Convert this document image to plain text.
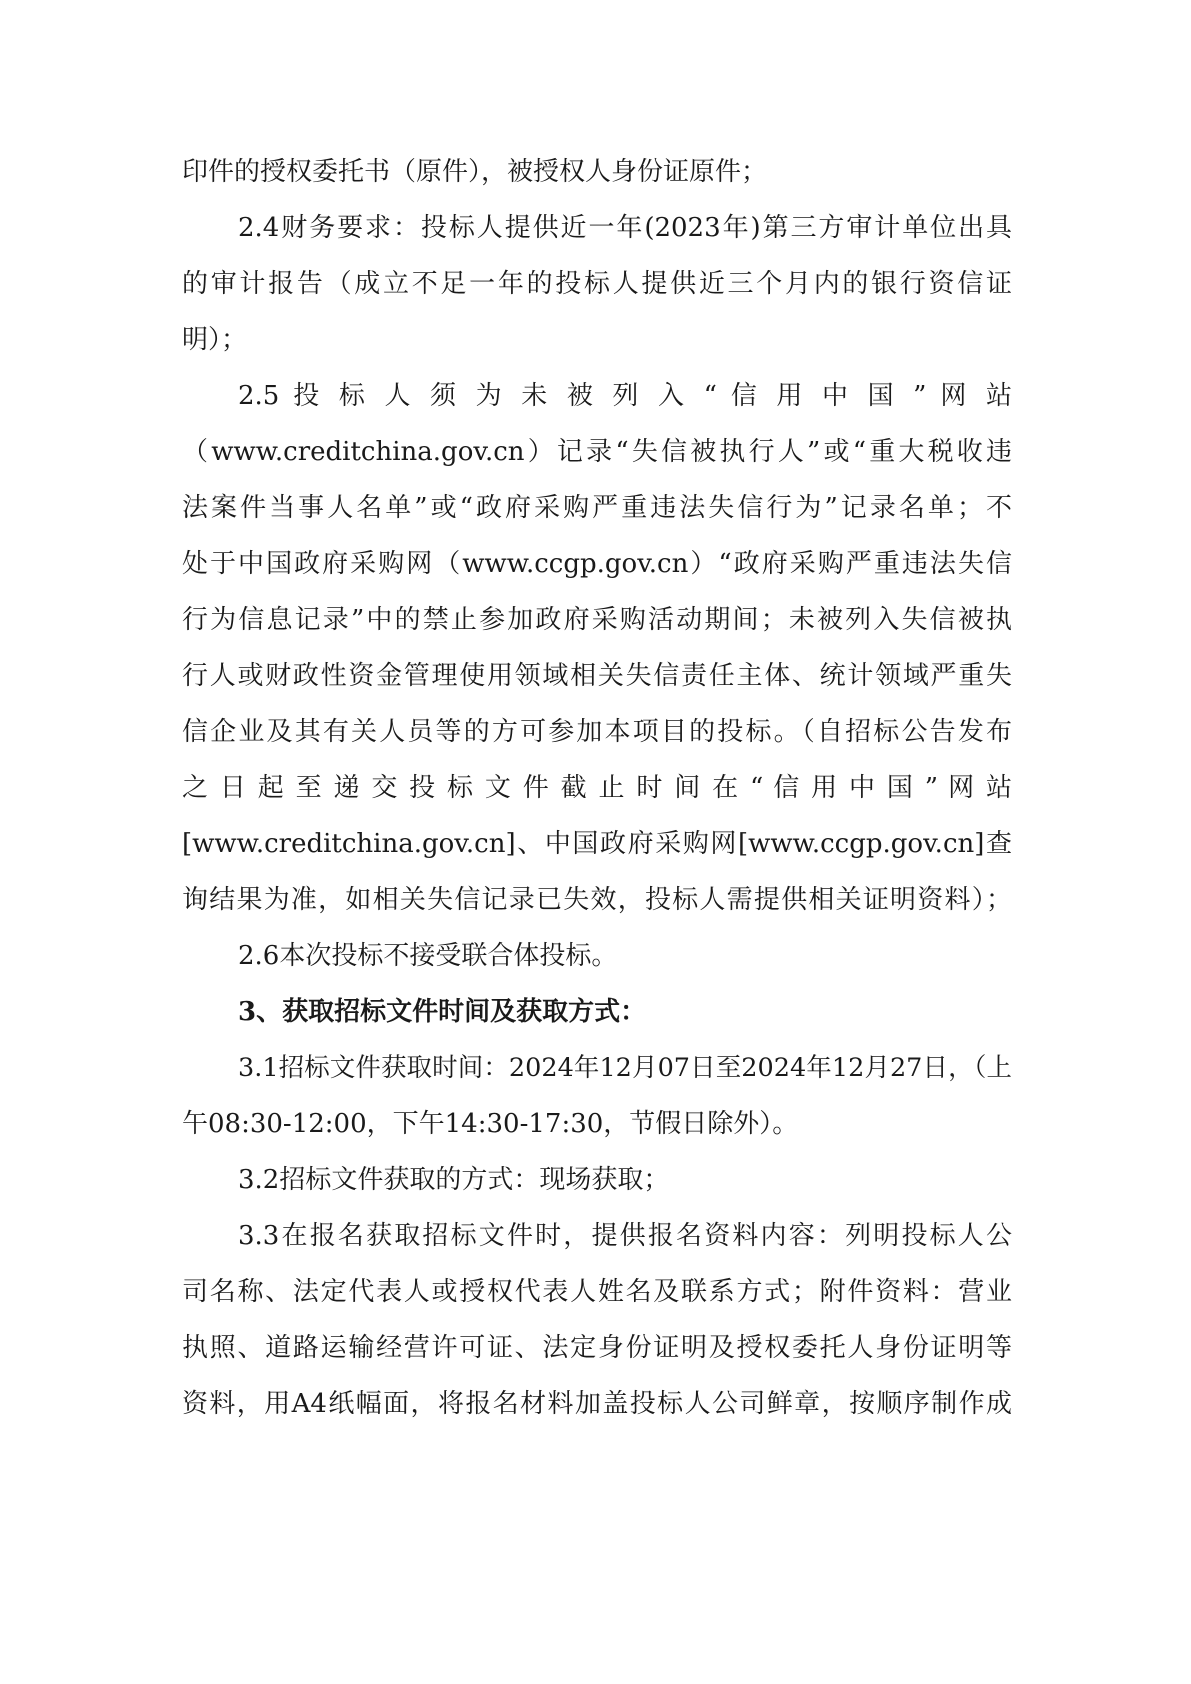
印件的授权委托书（原件），被授权人身份证原件；
2.4财务要求：投标人提供近一年(2023年)第三方审计单位出具
的审计报告（成立不足一年的投标人提供近三个月内的银行资信证
明）；
2.5 投 标 人 须 为 未 被 列 入 “ 信 用 中 国 ” 网 站
（www.creditchina.gov.cn）记录“失信被执行人”或“重大税收违
法案件当事人名单”或“政府采购严重违法失信行为”记录名单；不
处于中国政府采购网（www.ccgp.gov.cn）“政府采购严重违法失信
行为信息记录”中的禁止参加政府采购活动期间；未被列入失信被执
行人或财政性资金管理使用领域相关失信责任主体、统计领域严重失
信企业及其有关人员等的方可参加本项目的投标。（自招标公告发布
之 日 起 至 递 交 投 标 文 件 截 止 时 间 在 “ 信 用 中 国 ” 网 站
[www.creditchina.gov.cn]、中国政府采购网[www.ccgp.gov.cn]查
询结果为准，如相关失信记录已失效，投标人需提供相关证明资料）；
2.6本次投标不接受联合体投标。
3、获取招标文件时间及获取方式：
3.1招标文件获取时间：2024年12月07日至2024年12月27日，（上
午08:30-12:00，下午14:30-17:30，节假日除外）。
3.2招标文件获取的方式：现场获取；
3.3在报名获取招标文件时，提供报名资料内容：列明投标人公
司名称、法定代表人或授权代表人姓名及联系方式；附件资料：营业
执照、道路运输经营许可证、法定身份证明及授权委托人身份证明等
资料，用A4纸幅面，将报名材料加盖投标人公司鲜章，按顺序制作成
